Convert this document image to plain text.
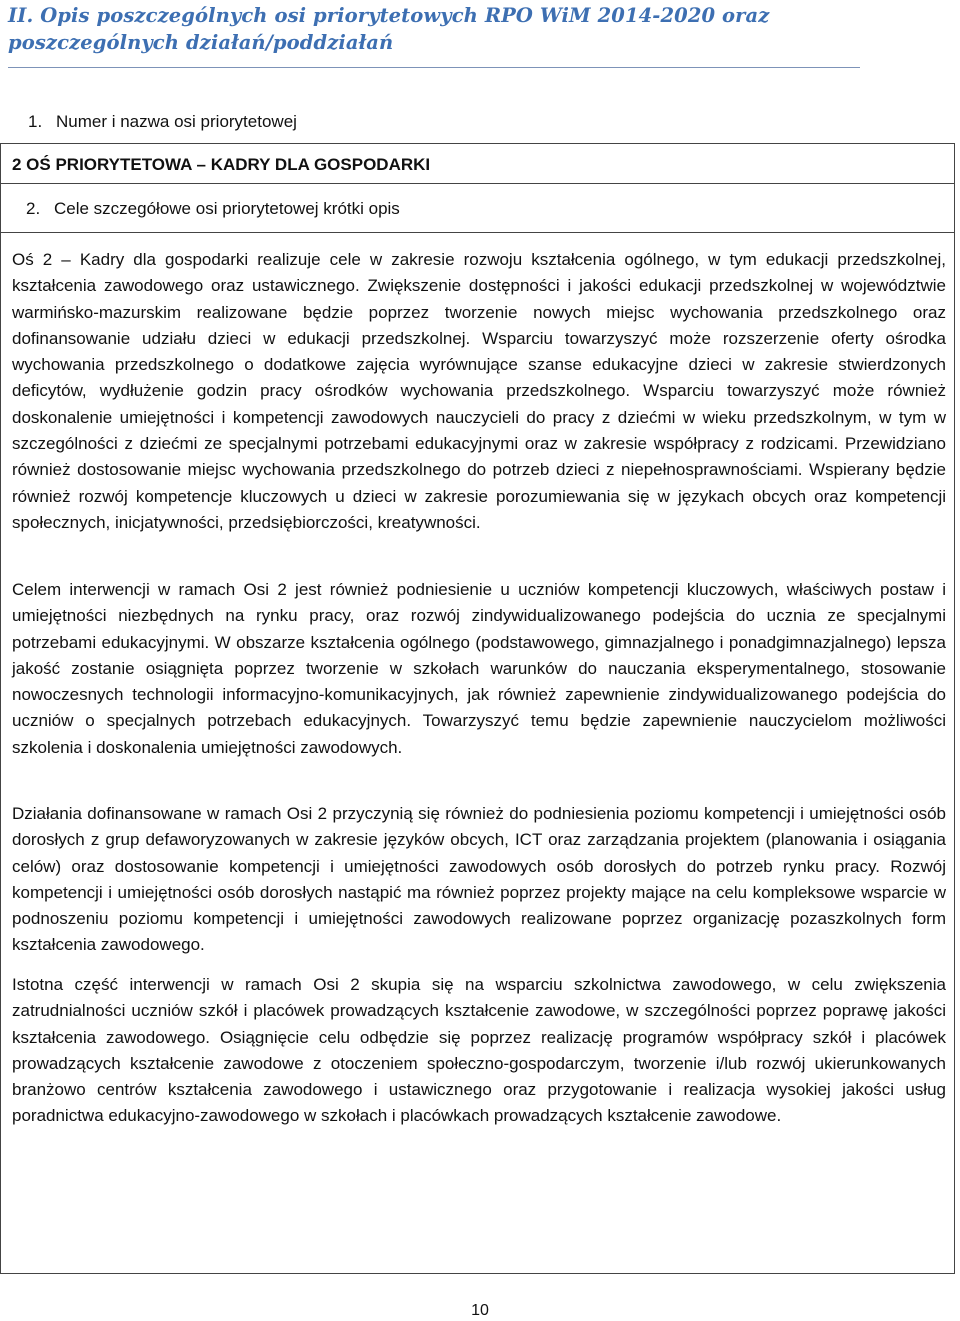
II. Opis poszczególnych osi priorytetowych RPO WiM 2014-2020 oraz poszczególnych działań/poddziałań

1. Numer i nazwa osi priorytetowej

2 OŚ PRIORYTETOWA – KADRY DLA GOSPODARKI

2. Cele szczegółowe osi priorytetowej krótki opis

Oś 2 – Kadry dla gospodarki realizuje cele w zakresie rozwoju kształcenia ogólnego, w tym edukacji przedszkolnej, kształcenia zawodowego oraz ustawicznego. Zwiększenie dostępności i jakości edukacji przedszkolnej w województwie warmińsko-mazurskim realizowane będzie poprzez tworzenie nowych miejsc wychowania przedszkolnego oraz dofinansowanie udziału dzieci w edukacji przedszkolnej. Wsparciu towarzyszyć może rozszerzenie oferty ośrodka wychowania przedszkolnego o dodatkowe zajęcia wyrównujące szanse edukacyjne dzieci w zakresie stwierdzonych deficytów, wydłużenie godzin pracy ośrodków wychowania przedszkolnego. Wsparciu towarzyszyć może również doskonalenie umiejętności i kompetencji zawodowych nauczycieli do pracy z dziećmi w wieku przedszkolnym, w tym w szczególności z dziećmi ze specjalnymi potrzebami edukacyjnymi oraz w zakresie współpracy z rodzicami. Przewidziano również dostosowanie miejsc wychowania przedszkolnego do potrzeb dzieci z niepełnosprawnościami. Wspierany będzie również rozwój kompetencje kluczowych u dzieci w zakresie porozumiewania się w językach obcych oraz kompetencji społecznych, inicjatywności, przedsiębiorczości, kreatywności.

Celem interwencji w ramach Osi 2 jest również podniesienie u uczniów kompetencji kluczowych, właściwych postaw i umiejętności niezbędnych na rynku pracy, oraz rozwój zindywidualizowanego podejścia do ucznia ze specjalnymi potrzebami edukacyjnymi. W obszarze kształcenia ogólnego (podstawowego, gimnazjalnego i ponadgimnazjalnego) lepsza jakość zostanie osiągnięta poprzez tworzenie w szkołach warunków do nauczania eksperymentalnego, stosowanie nowoczesnych technologii informacyjno-komunikacyjnych, jak również zapewnienie zindywidualizowanego podejścia do uczniów o specjalnych potrzebach edukacyjnych. Towarzyszyć temu będzie zapewnienie nauczycielom możliwości szkolenia i doskonalenia umiejętności zawodowych.

Działania dofinansowane w ramach Osi 2 przyczynią się również do podniesienia poziomu kompetencji i umiejętności osób dorosłych z grup defaworyzowanych w zakresie języków obcych, ICT oraz zarządzania projektem (planowania i osiągania celów) oraz dostosowanie kompetencji i umiejętności zawodowych osób dorosłych do potrzeb rynku pracy. Rozwój kompetencji i umiejętności osób dorosłych nastąpić ma również poprzez projekty mające na celu kompleksowe wsparcie w podnoszeniu poziomu kompetencji i umiejętności zawodowych realizowane poprzez organizację pozaszkolnych form kształcenia zawodowego.

Istotna część interwencji w ramach Osi 2 skupia się na wsparciu szkolnictwa zawodowego, w celu zwiększenia zatrudnialności uczniów szkół i placówek prowadzących kształcenie zawodowe, w szczególności poprzez poprawę jakości kształcenia zawodowego. Osiągnięcie celu odbędzie się poprzez realizację programów współpracy szkół i placówek prowadzących kształcenie zawodowe z otoczeniem społeczno-gospodarczym, tworzenie i/lub rozwój ukierunkowanych branżowo centrów kształcenia zawodowego i ustawicznego oraz przygotowanie i realizacja wysokiej jakości usług poradnictwa edukacyjno-zawodowego w szkołach i placówkach prowadzących kształcenie zawodowe.

10
